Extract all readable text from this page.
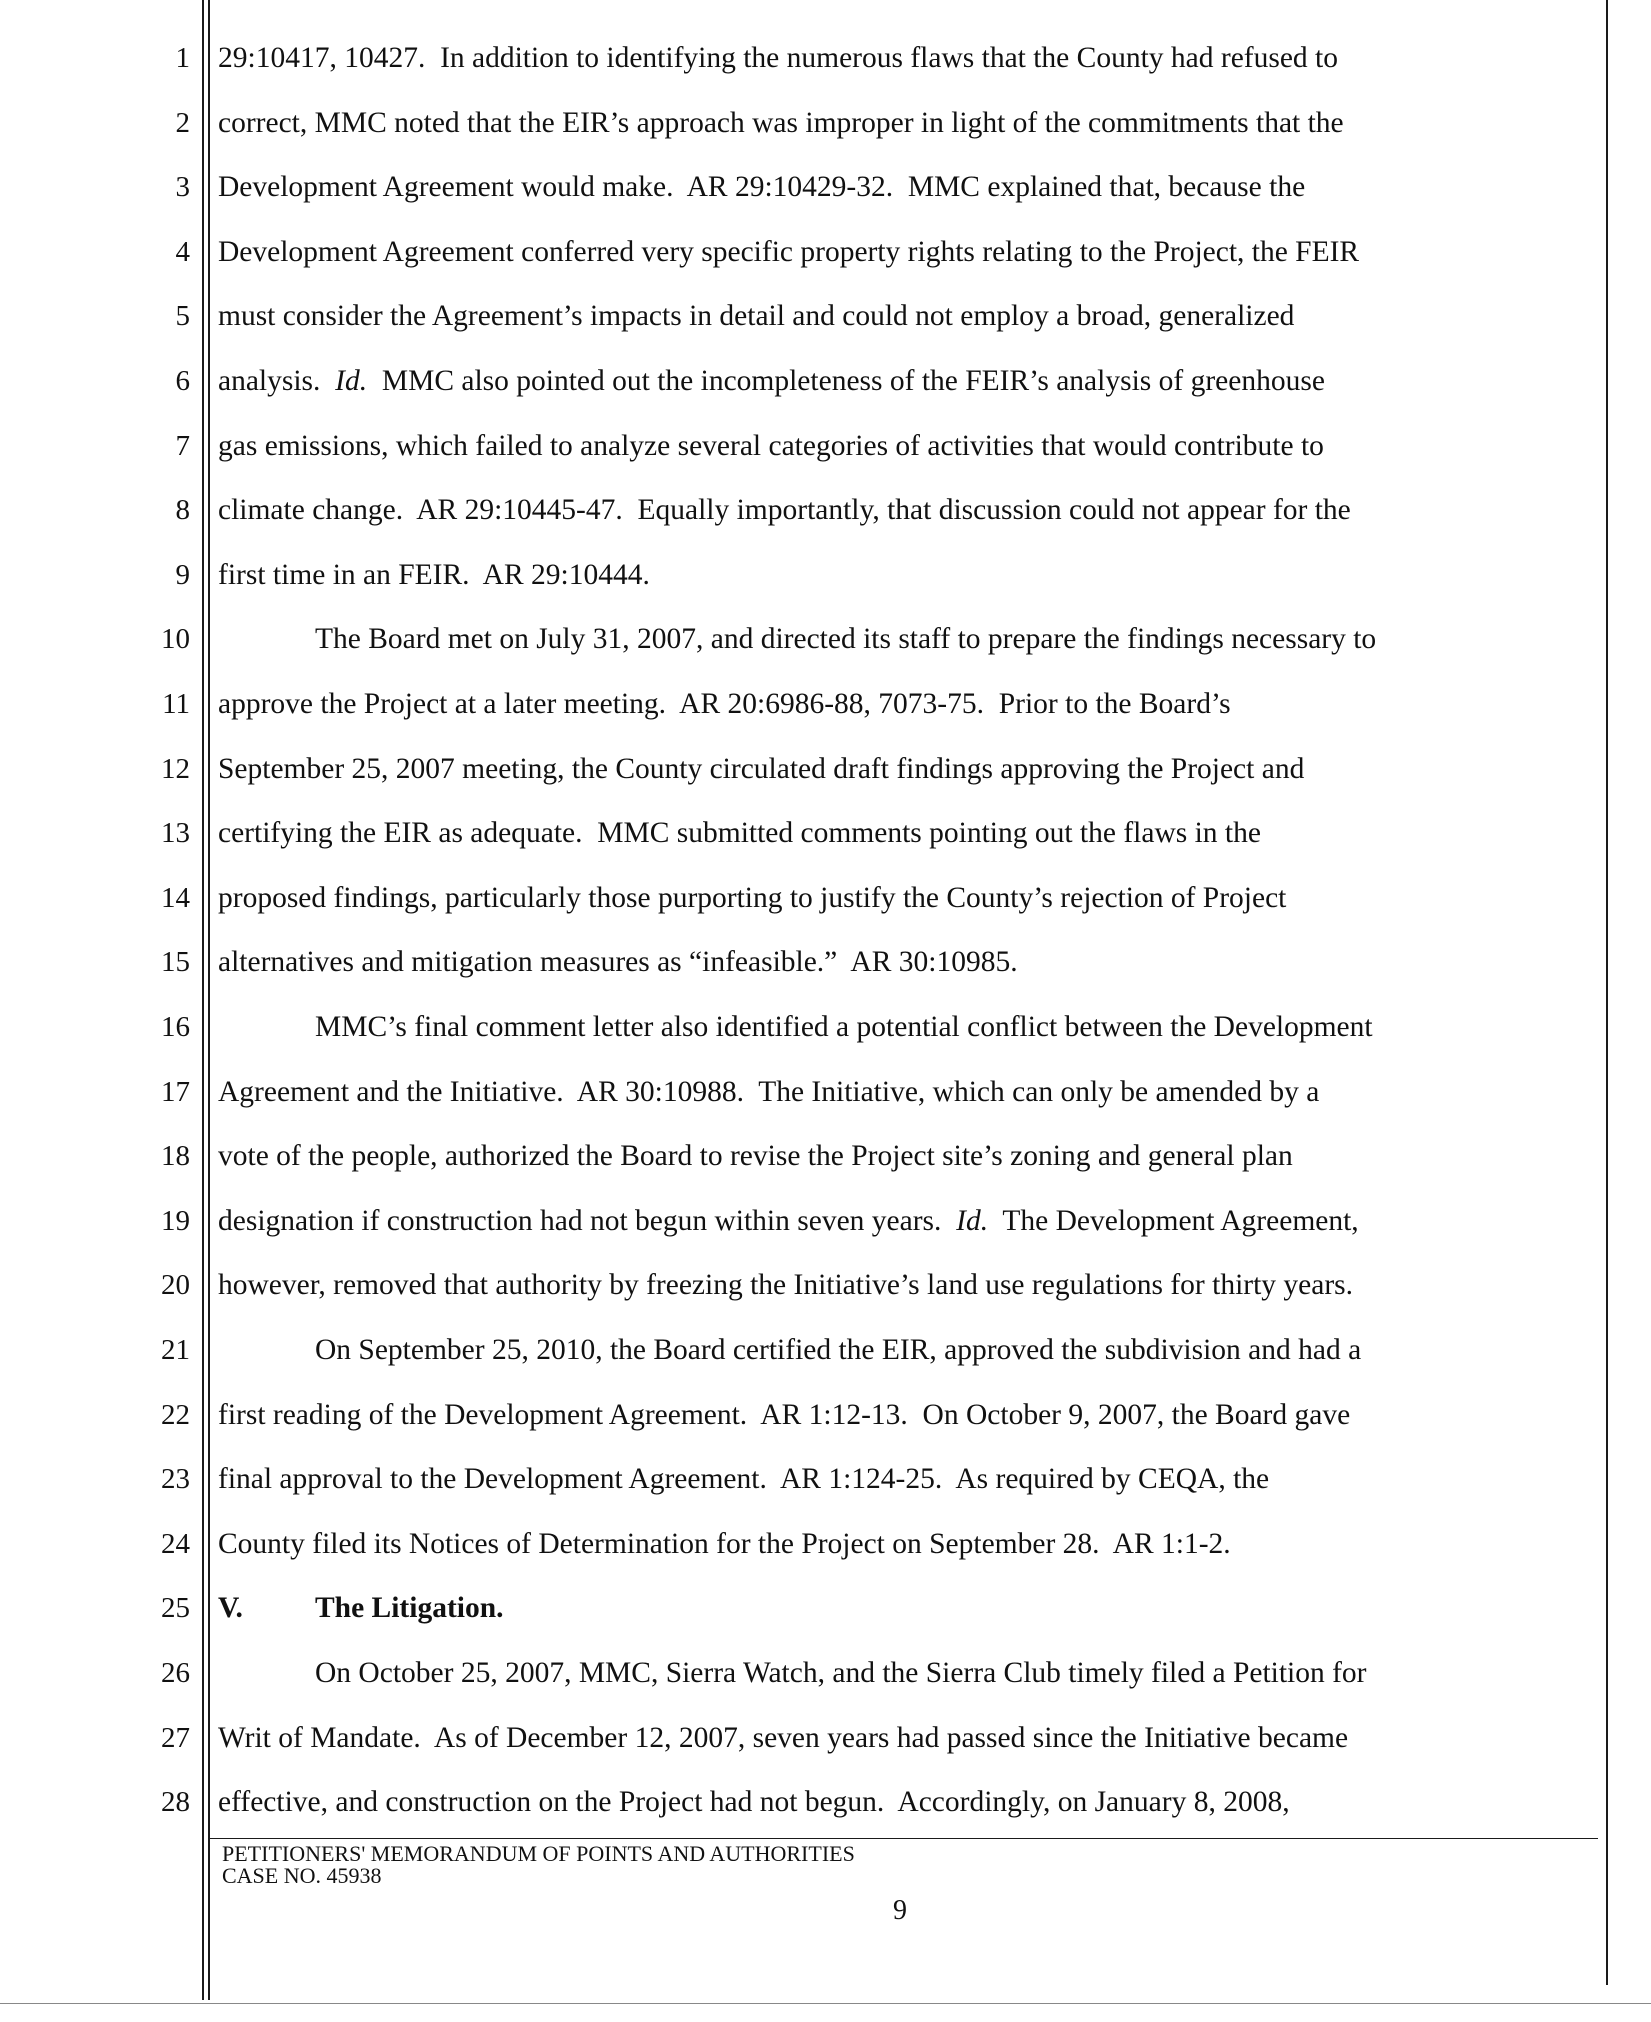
1 29:10417, 10427.  In addition to identifying the numerous flaws that the County had refused to
2 correct, MMC noted that the EIR’s approach was improper in light of the commitments that the
3 Development Agreement would make.  AR 29:10429-32.  MMC explained that, because the
4 Development Agreement conferred very specific property rights relating to the Project, the FEIR
5 must consider the Agreement’s impacts in detail and could not employ a broad, generalized
6 analysis.  Id.  MMC also pointed out the incompleteness of the FEIR’s analysis of greenhouse
7 gas emissions, which failed to analyze several categories of activities that would contribute to
8 climate change.  AR 29:10445-47.  Equally importantly, that discussion could not appear for the
9 first time in an FEIR.  AR 29:10444.
10	The Board met on July 31, 2007, and directed its staff to prepare the findings necessary to
11 approve the Project at a later meeting.  AR 20:6986-88, 7073-75.  Prior to the Board’s
12 September 25, 2007 meeting, the County circulated draft findings approving the Project and
13 certifying the EIR as adequate.  MMC submitted comments pointing out the flaws in the
14 proposed findings, particularly those purporting to justify the County’s rejection of Project
15 alternatives and mitigation measures as “infeasible.”  AR 30:10985.
16	MMC’s final comment letter also identified a potential conflict between the Development
17 Agreement and the Initiative.  AR 30:10988.  The Initiative, which can only be amended by a
18 vote of the people, authorized the Board to revise the Project site’s zoning and general plan
19 designation if construction had not begun within seven years.  Id.  The Development Agreement,
20 however, removed that authority by freezing the Initiative’s land use regulations for thirty years.
21	On September 25, 2010, the Board certified the EIR, approved the subdivision and had a
22 first reading of the Development Agreement.  AR 1:12-13.  On October 9, 2007, the Board gave
23 final approval to the Development Agreement.  AR 1:124-25.  As required by CEQA, the
24 County filed its Notices of Determination for the Project on September 28.  AR 1:1-2.
25 V. The Litigation.
26	On October 25, 2007, MMC, Sierra Watch, and the Sierra Club timely filed a Petition for
27 Writ of Mandate.  As of December 12, 2007, seven years had passed since the Initiative became
28 effective, and construction on the Project had not begun.  Accordingly, on January 8, 2008,
PETITIONERS' MEMORANDUM OF POINTS AND AUTHORITIES
CASE NO. 45938
9
